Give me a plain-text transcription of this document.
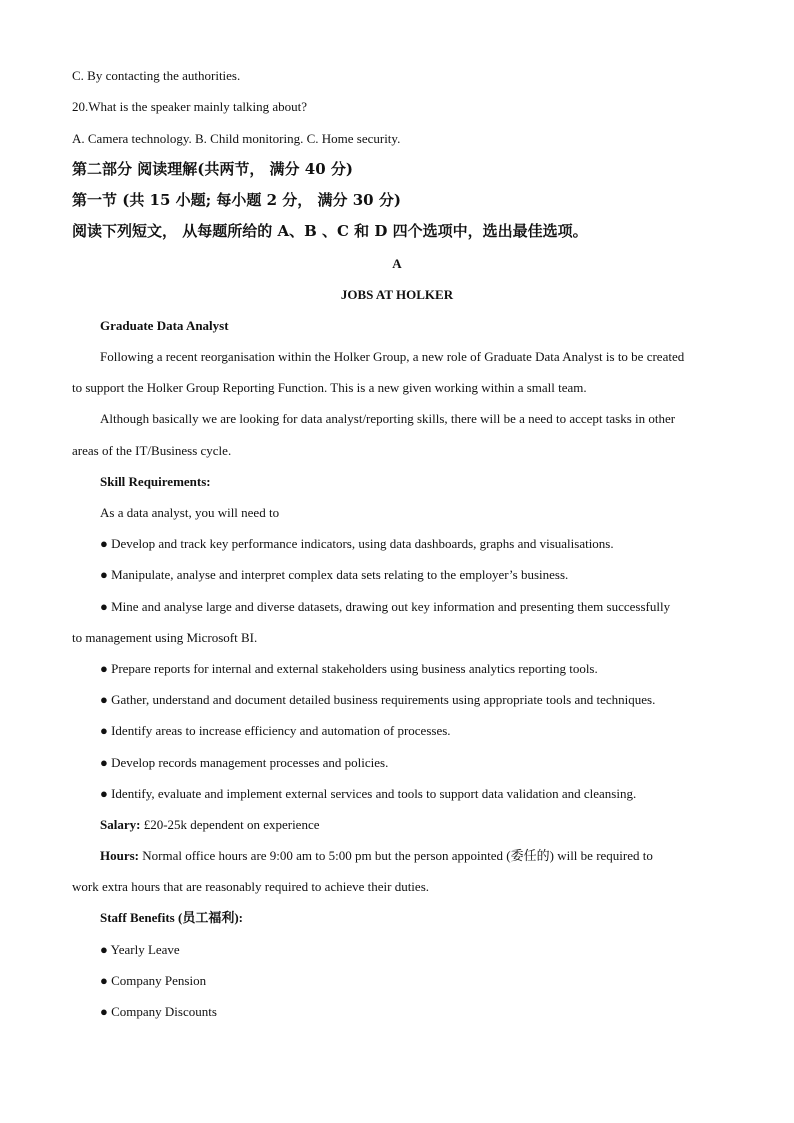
C. By contacting the authorities.
20.What is the speaker mainly talking about?
A. Camera technology. B. Child monitoring. C. Home security.
第二部分 阅读理解(共两节， 满分 40 分)
第一节 (共 15 小题; 每小题 2 分， 满分 30 分)
阅读下列短文， 从每题所给的 A、B 、C 和 D 四个选项中，选出最佳选项。
A
JOBS AT HOLKER
Graduate Data Analyst
Following a recent reorganisation within the Holker Group, a new role of Graduate Data Analyst is to be created
to support the Holker Group Reporting Function. This is a new given working within a small team.
Although basically we are looking for data analyst/reporting skills, there will be a need to accept tasks in other
areas of the IT/Business cycle.
Skill Requirements:
As a data analyst, you will need to
● Develop and track key performance indicators, using data dashboards, graphs and visualisations.
● Manipulate, analyse and interpret complex data sets relating to the employer’s business.
● Mine and analyse large and diverse datasets, drawing out key information and presenting them successfully
to management using Microsoft BI.
● Prepare reports for internal and external stakeholders using business analytics reporting tools.
● Gather, understand and document detailed business requirements using appropriate tools and techniques.
● Identify areas to increase efficiency and automation of processes.
● Develop records management processes and policies.
● Identify, evaluate and implement external services and tools to support data validation and cleansing.
Salary: £20-25k dependent on experience
Hours: Normal office hours are 9:00 am to 5:00 pm but the person appointed (委任的) will be required to
work extra hours that are reasonably required to achieve their duties.
Staff Benefits (员工福利):
● Yearly Leave
● Company Pension
● Company Discounts
